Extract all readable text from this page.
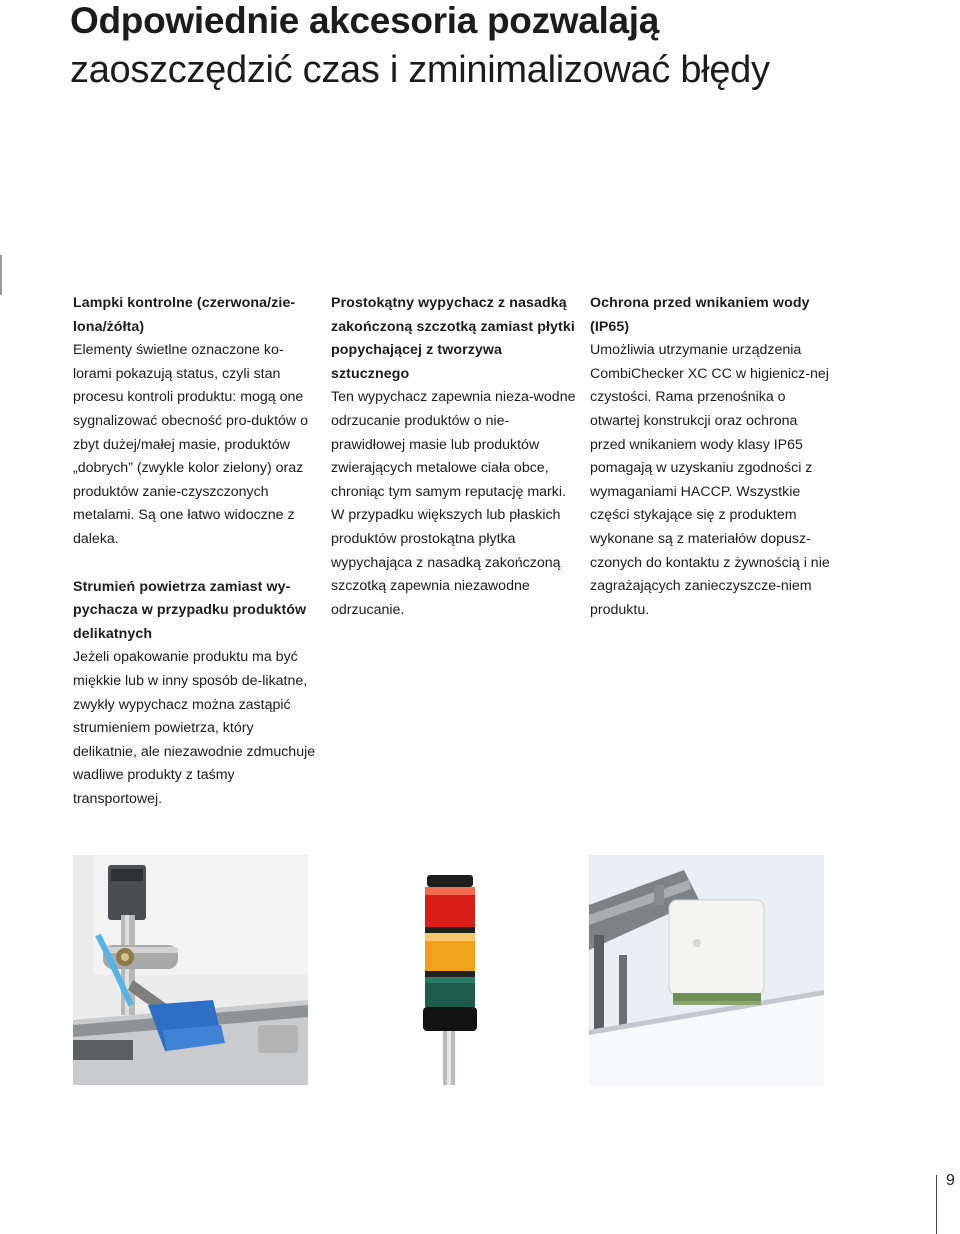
Odpowiednie akcesoria pozwalają
zaoszczędzić czas i zminimalizować błędy
Lampki kontrolne (czerwona/zie-lona/żółta)

Elementy świetlne oznaczone ko-lorami pokazują status, czyli stan procesu kontroli produktu: mogą one sygnalizować obecność pro-duktów o zbyt dużej/małej masie, produktów „dobrych” (zwykle kolor zielony) oraz produktów zanie-czyszczonych metalami. Są one łatwo widoczne z daleka.

Strumień powietrza zamiast wy-pychacza w przypadku produktów delikatnych

Jeżeli opakowanie produktu ma być miękkie lub w inny sposób de-likatne, zwykły wypychacz można zastąpić strumieniem powietrza, który delikatnie, ale niezawodnie zdmuchuje wadliwe produkty z taśmy transportowej.

Prostokątny wypychacz z nasadką zakończoną szczotką zamiast płytki popychającej z tworzywa sztucznego

Ten wypychacz zapewnia nieza-wodne odrzucanie produktów o nie-prawidłowej masie lub produktów zwierających metalowe ciała obce, chroniąc tym samym reputację marki. W przypadku większych lub płaskich produktów prostokątna płytka wypychająca z nasadką zakończoną szczotką zapewnia niezawodne odrzucanie.

Ochrona przed wnikaniem wody (IP65)

Umożliwia utrzymanie urządzenia CombiChecker XC CC w higienicz-nej czystości. Rama przenośnika o otwartej konstrukcji oraz ochrona przed wnikaniem wody klasy IP65 pomagają w uzyskaniu zgodności z wymaganiami HACCP. Wszystkie części stykające się z produktem wykonane są z materiałów dopusz-czonych do kontaktu z żywnością i nie zagrażających zanieczyszcze-niem produktu.

9
